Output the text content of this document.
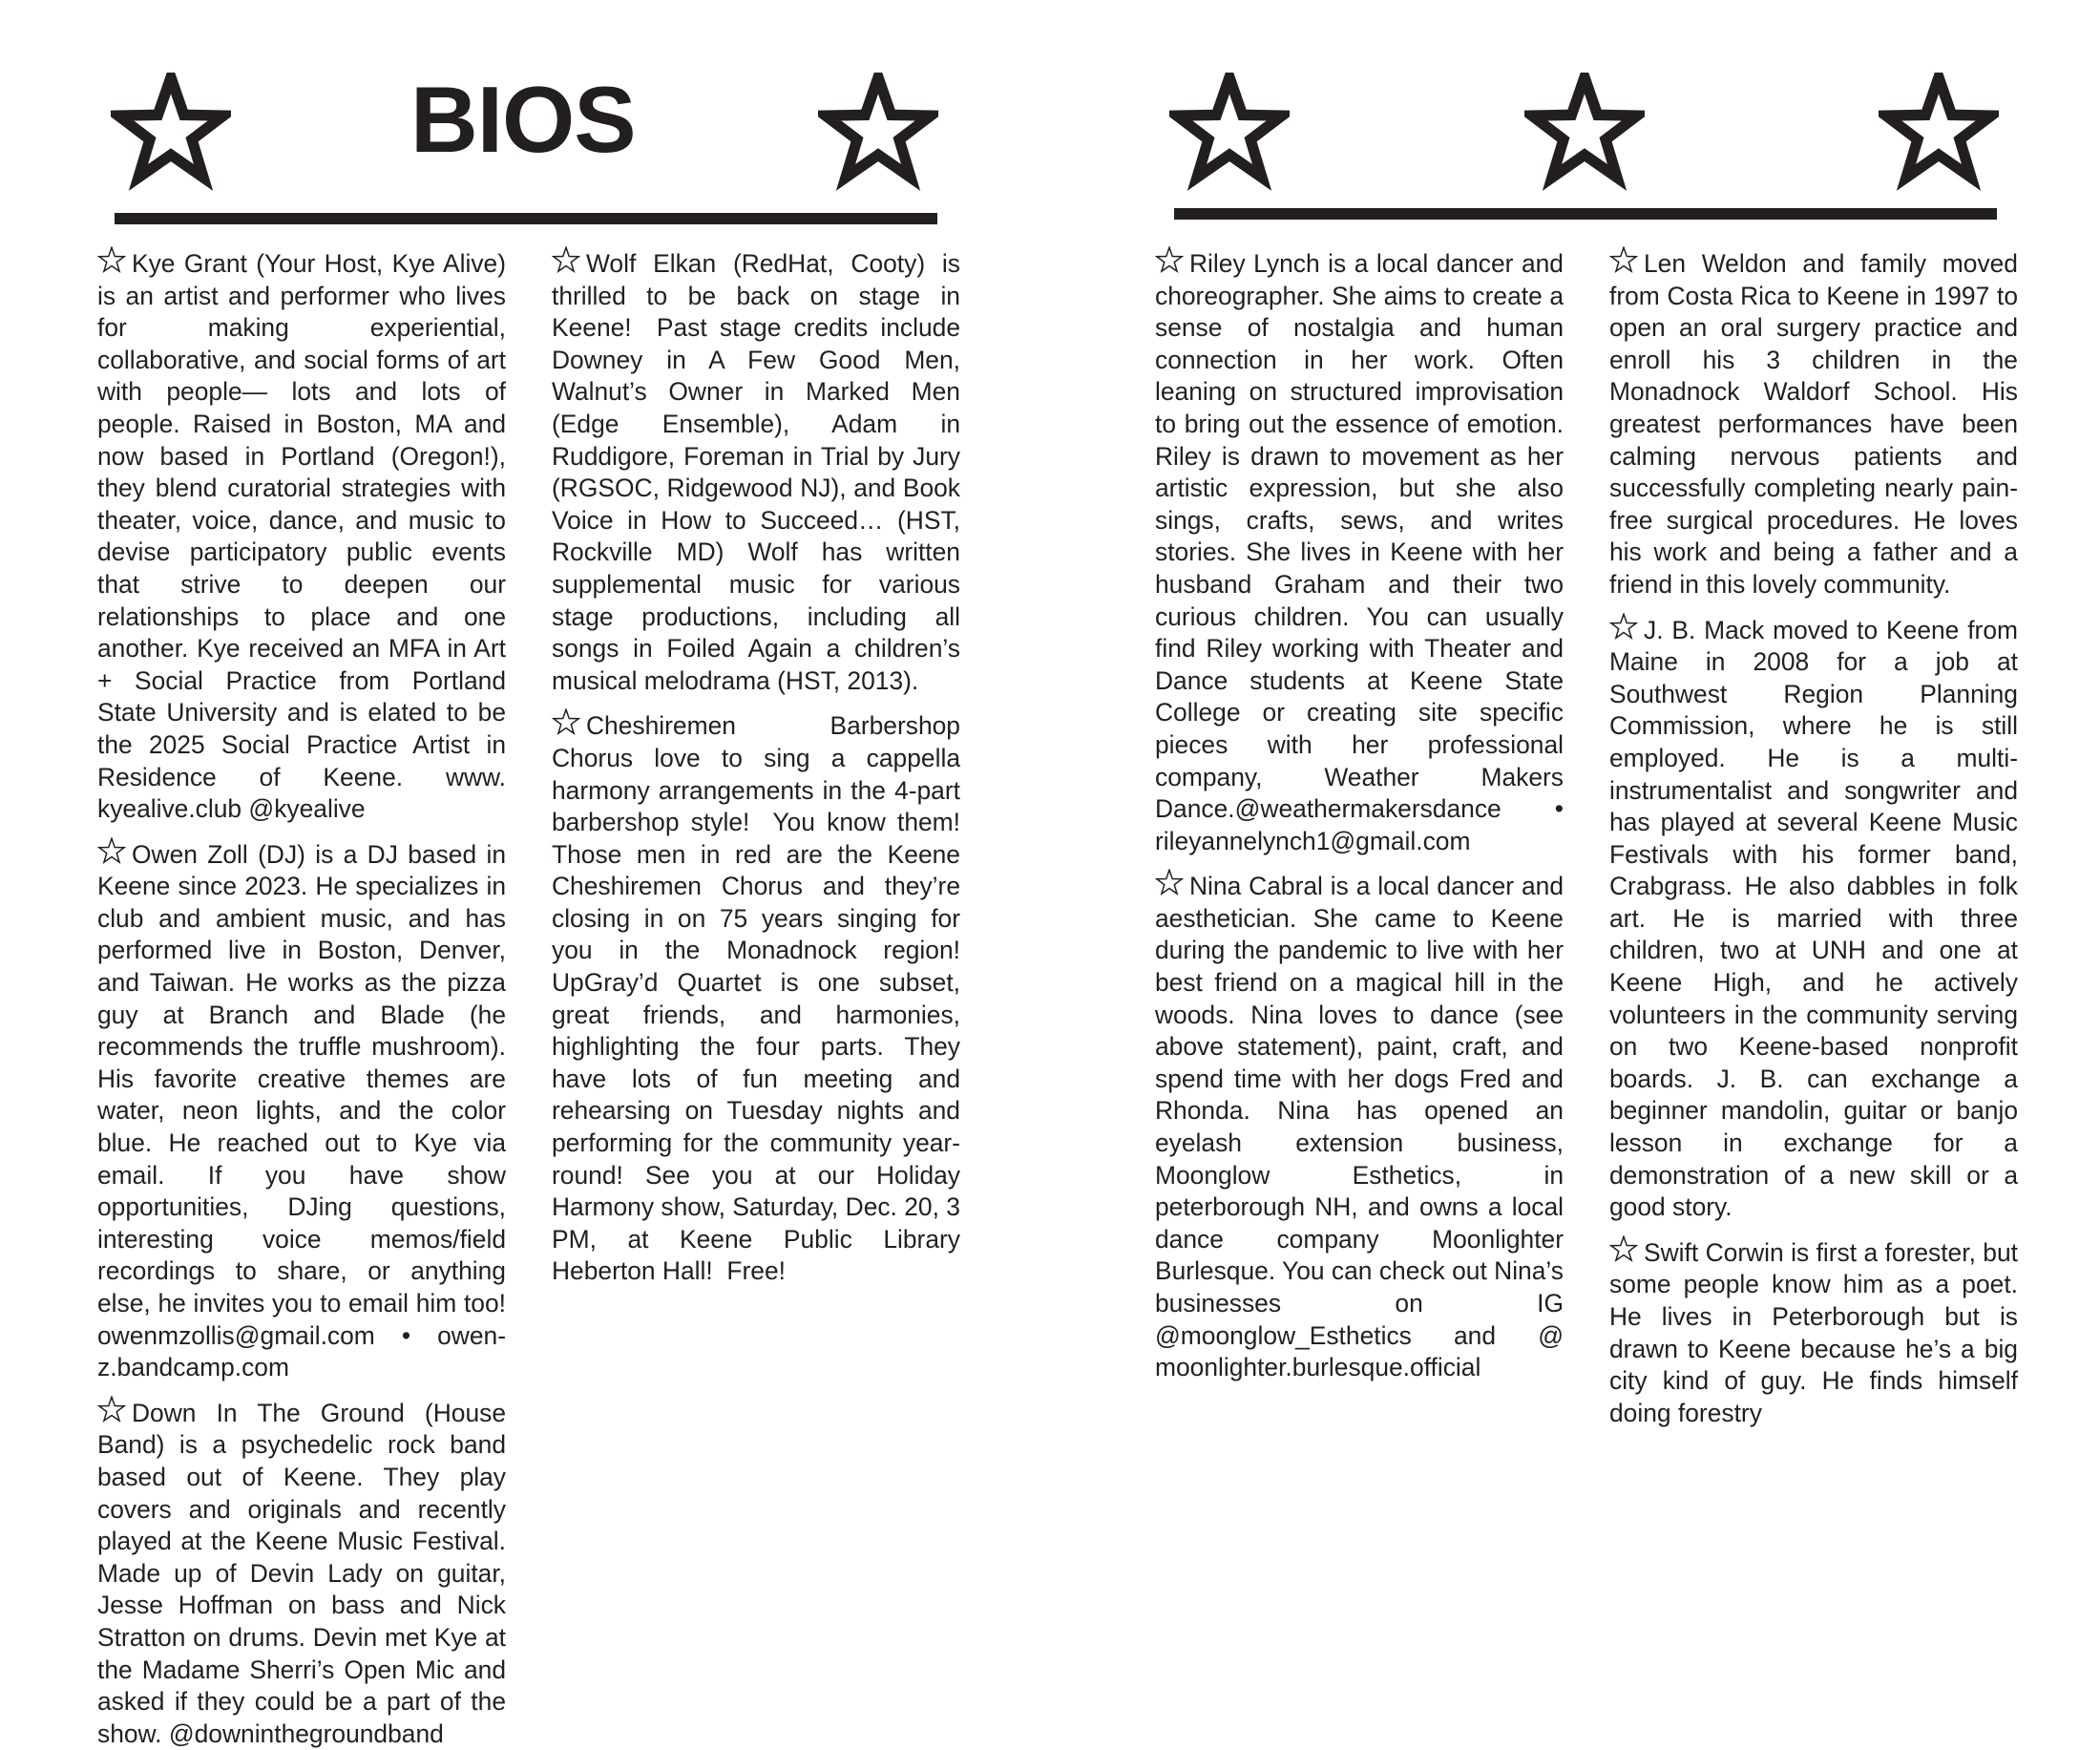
BIOS

Kye Grant (Your Host, Kye Alive) is an artist and performer who lives for making experiential, collaborative, and social forms of art with people— lots and lots of people. Raised in Boston, MA and now based in Portland (Oregon!), they blend curatorial strategies with theater, voice, dance, and music to devise participatory public events that strive to deepen our relationships to place and one another. Kye received an MFA in Art + Social Practice from Portland State University and is elated to be the 2025 Social Practice Artist in Residence of Keene. www. kyealive.club @kyealive

Owen Zoll (DJ) is a DJ based in Keene since 2023. He specializes in club and ambient music, and has performed live in Boston, Denver, and Taiwan. He works as the pizza guy at Branch and Blade (he recommends the truffle mushroom). His favorite creative themes are water, neon lights, and the color blue. He reached out to Kye via email. If you have show opportunities, DJing questions, interesting voice memos/field recordings to share, or anything else, he invites you to email him too! owenmzollis@gmail.com • owen-z.bandcamp.com

Down In The Ground (House Band) is a psychedelic rock band based out of Keene. They play covers and originals and recently played at the Keene Music Festival. Made up of Devin Lady on guitar, Jesse Hoffman on bass and Nick Stratton on drums. Devin met Kye at the Madame Sherri’s Open Mic and asked if they could be a part of the show. @downinthegroundband

Wolf Elkan (RedHat, Cooty) is thrilled to be back on stage in Keene!  Past stage credits include Downey in A Few Good Men, Walnut’s Owner in Marked Men (Edge Ensemble), Adam in Ruddigore, Foreman in Trial by Jury (RGSOC, Ridgewood NJ), and Book Voice in How to Succeed… (HST, Rockville MD) Wolf has written supplemental music for various stage productions, including all songs in Foiled Again a children’s musical melodrama (HST, 2013).

Cheshiremen Barbershop Chorus love to sing a cappella harmony arrangements in the 4-part barbershop style!  You know them! Those men in red are the Keene Cheshiremen Chorus and they’re closing in on 75 years singing for you in the Monadnock region! UpGray’d Quartet is one subset, great friends, and harmonies, highlighting the four parts. They have lots of fun meeting and rehearsing on Tuesday nights and performing for the community year-round! See you at our Holiday Harmony show, Saturday, Dec. 20, 3 PM, at Keene Public Library Heberton Hall!  Free!

Riley Lynch is a local dancer and choreographer. She aims to create a sense of nostalgia and human connection in her work. Often leaning on structured improvisation to bring out the essence of emotion. Riley is drawn to movement as her artistic expression, but she also sings, crafts, sews, and writes stories. She lives in Keene with her husband Graham and their two curious children. You can usually find Riley working with Theater and Dance students at Keene State College or creating site specific pieces with her professional company, Weather Makers Dance.@weathermakersdance • rileyannelynch1@gmail.com

Nina Cabral is a local dancer and aesthetician. She came to Keene during the pandemic to live with her best friend on a magical hill in the woods. Nina loves to dance (see above statement), paint, craft, and spend time with her dogs Fred and Rhonda. Nina has opened an eyelash extension business, Moonglow Esthetics, in peterborough NH, and owns a local dance company Moonlighter Burlesque. You can check out Nina’s businesses on IG @moonglow_Esthetics and @ moonlighter.burlesque.official

Len Weldon and family moved from Costa Rica to Keene in 1997 to open an oral surgery practice and enroll his 3 children in the Monadnock Waldorf School. His greatest performances have been calming nervous patients and successfully completing nearly pain-free surgical procedures. He loves his work and being a father and a friend in this lovely community.

J. B. Mack moved to Keene from Maine in 2008 for a job at Southwest Region Planning Commission, where he is still employed. He is a multi-instrumentalist and songwriter and has played at several Keene Music Festivals with his former band, Crabgrass. He also dabbles in folk art. He is married with three children, two at UNH and one at Keene High, and he actively volunteers in the community serving on two Keene-based nonprofit boards. J. B. can exchange a beginner mandolin, guitar or banjo lesson in exchange for a demonstration of a new skill or a good story.

Swift Corwin is first a forester, but some people know him as a poet. He lives in Peterborough but is drawn to Keene because he’s a big city kind of guy. He finds himself doing forestry
